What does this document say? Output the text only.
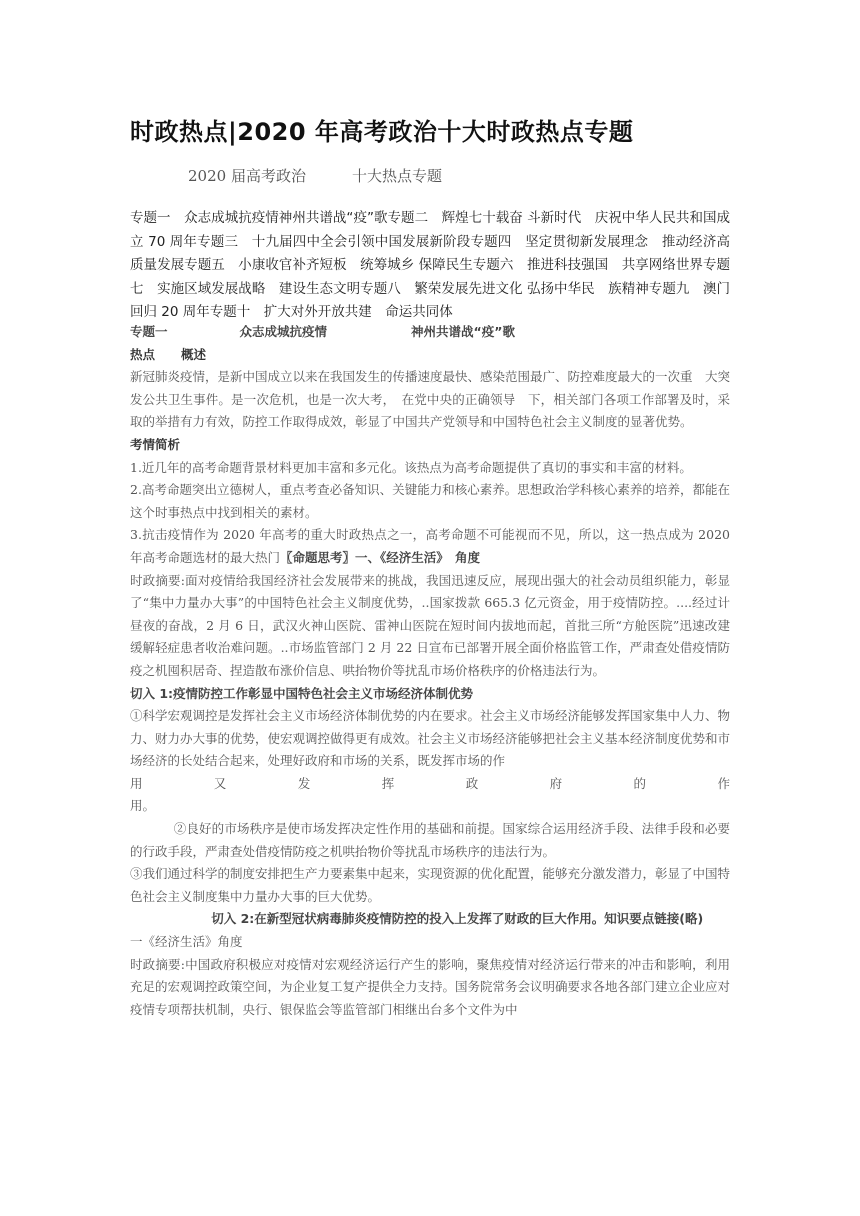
时政热点|2020 年高考政治十大时政热点专题
2020 届高考政治	十大热点专题
专题一　众志成城抗疫情神州共谱战“疫”歌专题二　辉煌七十载奋 斗新时代　庆祝中华人民共和国成立 70 周年专题三　十九届四中全会引领中国发展新阶段专题四　坚定贯彻新发展理念　推动经济高质量发展专题五　小康收官补齐短板　统筹城乡 保障民生专题六　推进科技强国　共享网络世界专题七　实施区域发展战略　建设生态文明专题八　繁荣发展先进文化 弘扬中华民　族精神专题九　澳门回归 20 周年专题十　扩大对外开放共建　命运共同体

专题一	众志成城抗疫情	神州共谱战“疫”歌

热点 概述

新冠肺炎疫情，是新中国成立以来在我国发生的传播速度最快、感染范围最广、防控难度最大的一次重　大突发公共卫生事件。是一次危机，也是一次大考，　在党中央的正确领导　下，相关部门各项工作部署及时，采取的举措有力有效，防控工作取得成效，彰显了中国共产党领导和中国特色社会主义制度的显著优势。

考情简析

1.近几年的高考命题背景材料更加丰富和多元化。该热点为高考命题提供了真切的事实和丰富的材料。

2.高考命题突出立德树人，重点考查必备知识、关键能力和核心素养。思想政治学科核心素养的培养，都能在这个时事热点中找到相关的素材。

3.抗击疫情作为 2020 年高考的重大时政热点之一，高考命题不可能视而不见，所以，这一热点成为 2020 年高考命题选材的最大热门〖命题思考〗一、《经济生活》　角度

时政摘要:面对疫情给我国经济社会发展带来的挑战，我国迅速反应，展现出强大的社会动员组织能力，彰显了“集中力量办大事”的中国特色社会主义制度优势，..国家拨款 665.3 亿元资金，用于疫情防控。....经过计昼夜的奋战，2 月 6 日，武汉火神山医院、雷神山医院在短时间内拔地而起，首批三所“方舱医院”迅速改建缓解轻症患者收治难问题。..市场监管部门 2 月 22 日宣布已部署开展全面价格监管工作，严肃查处借疫情防疫之机囤积居奇、捏造散布涨价信息、哄抬物价等扰乱市场价格秩序的价格违法行为。

切入 1:疫情防控工作彰显中国特色社会主义市场经济体制优势

①科学宏观调控是发挥社会主义市场经济体制优势的内在要求。社会主义市场经济能够发挥国家集中人力、物力、财力办大事的优势，使宏观调控做得更有成效。社会主义市场经济能够把社会主义基本经济制度优势和市场经济的长处结合起来，处理好政府和市场的关系，既发挥市场的作

用　又　发　挥　政　府　的　作

用。

②良好的市场秩序是使市场发挥决定性作用的基础和前提。国家综合运用经济手段、法律手段和必要的行政手段，严肃查处借疫情防疫之机哄抬物价等扰乱市场秩序的违法行为。

③我们通过科学的制度安排把生产力要素集中起来，实现资源的优化配置，能够充分激发潜力，彰显了中国特色社会主义制度集中力量办大事的巨大优势。

切入 2:在新型冠状病毒肺炎疫情防控的投入上发挥了财政的巨大作用。知识要点链接(略)

一《经济生活》角度

时政摘要:中国政府积极应对疫情对宏观经济运行产生的影响，聚焦疫情对经济运行带来的冲击和影响，利用充足的宏观调控政策空间，为企业复工复产提供全力支持。国务院常务会议明确要求各地各部门建立企业应对疫情专项帮扶机制，央行、银保监会等监管部门相继出台多个文件为中
